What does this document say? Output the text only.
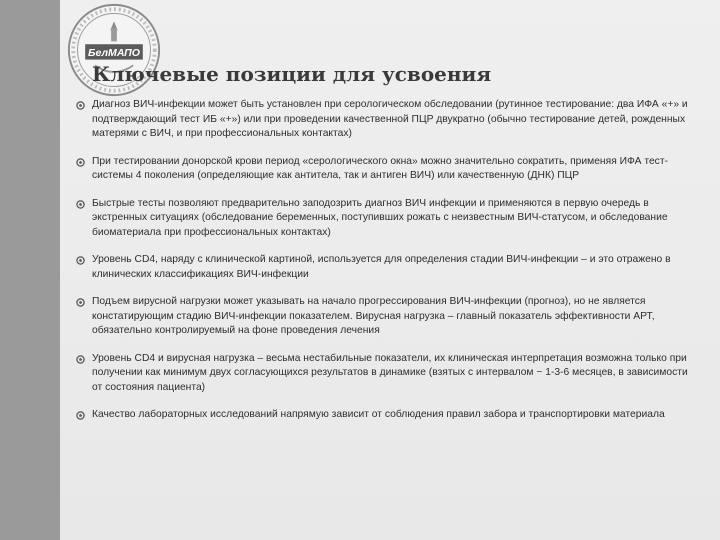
БелМАПО
Ключевые позиции для усвоения
Диагноз ВИЧ-инфекции может быть установлен при серологическом обследовании (рутинное тестирование: два ИФА «+» и подтверждающий тест ИБ «+») или при проведении качественной ПЦР двукратно (обычно тестирование детей, рожденных матерями с ВИЧ, и при профессиональных контактах)
При тестировании донорской крови период «серологического окна» можно значительно сократить, применяя ИФА тест-системы 4 поколения (определяющие как антитела, так и антиген ВИЧ) или качественную (ДНК) ПЦР
Быстрые тесты позволяют предварительно заподозрить диагноз ВИЧ инфекции и применяются в первую очередь в экстренных ситуациях (обследование беременных, поступивших рожать с неизвестным ВИЧ-статусом, и обследование биоматериала при профессиональных контактах)
Уровень CD4, наряду с клинической картиной, используется для определения стадии ВИЧ-инфекции – и это отражено в клинических классификациях ВИЧ-инфекции
Подъем вирусной нагрузки может указывать на начало прогрессирования ВИЧ-инфекции (прогноз), но не является констатирующим стадию ВИЧ-инфекции показателем. Вирусная нагрузка – главный показатель эффективности АРТ, обязательно контролируемый на фоне проведения лечения
Уровень CD4 и вирусная нагрузка – весьма нестабильные показатели, их клиническая интерпретация возможна только при получении как минимум двух согласующихся результатов в динамике (взятых с интервалом ~ 1-3-6 месяцев, в зависимости от состояния пациента)
Качество лабораторных исследований напрямую зависит от соблюдения правил забора и транспортировки материала
